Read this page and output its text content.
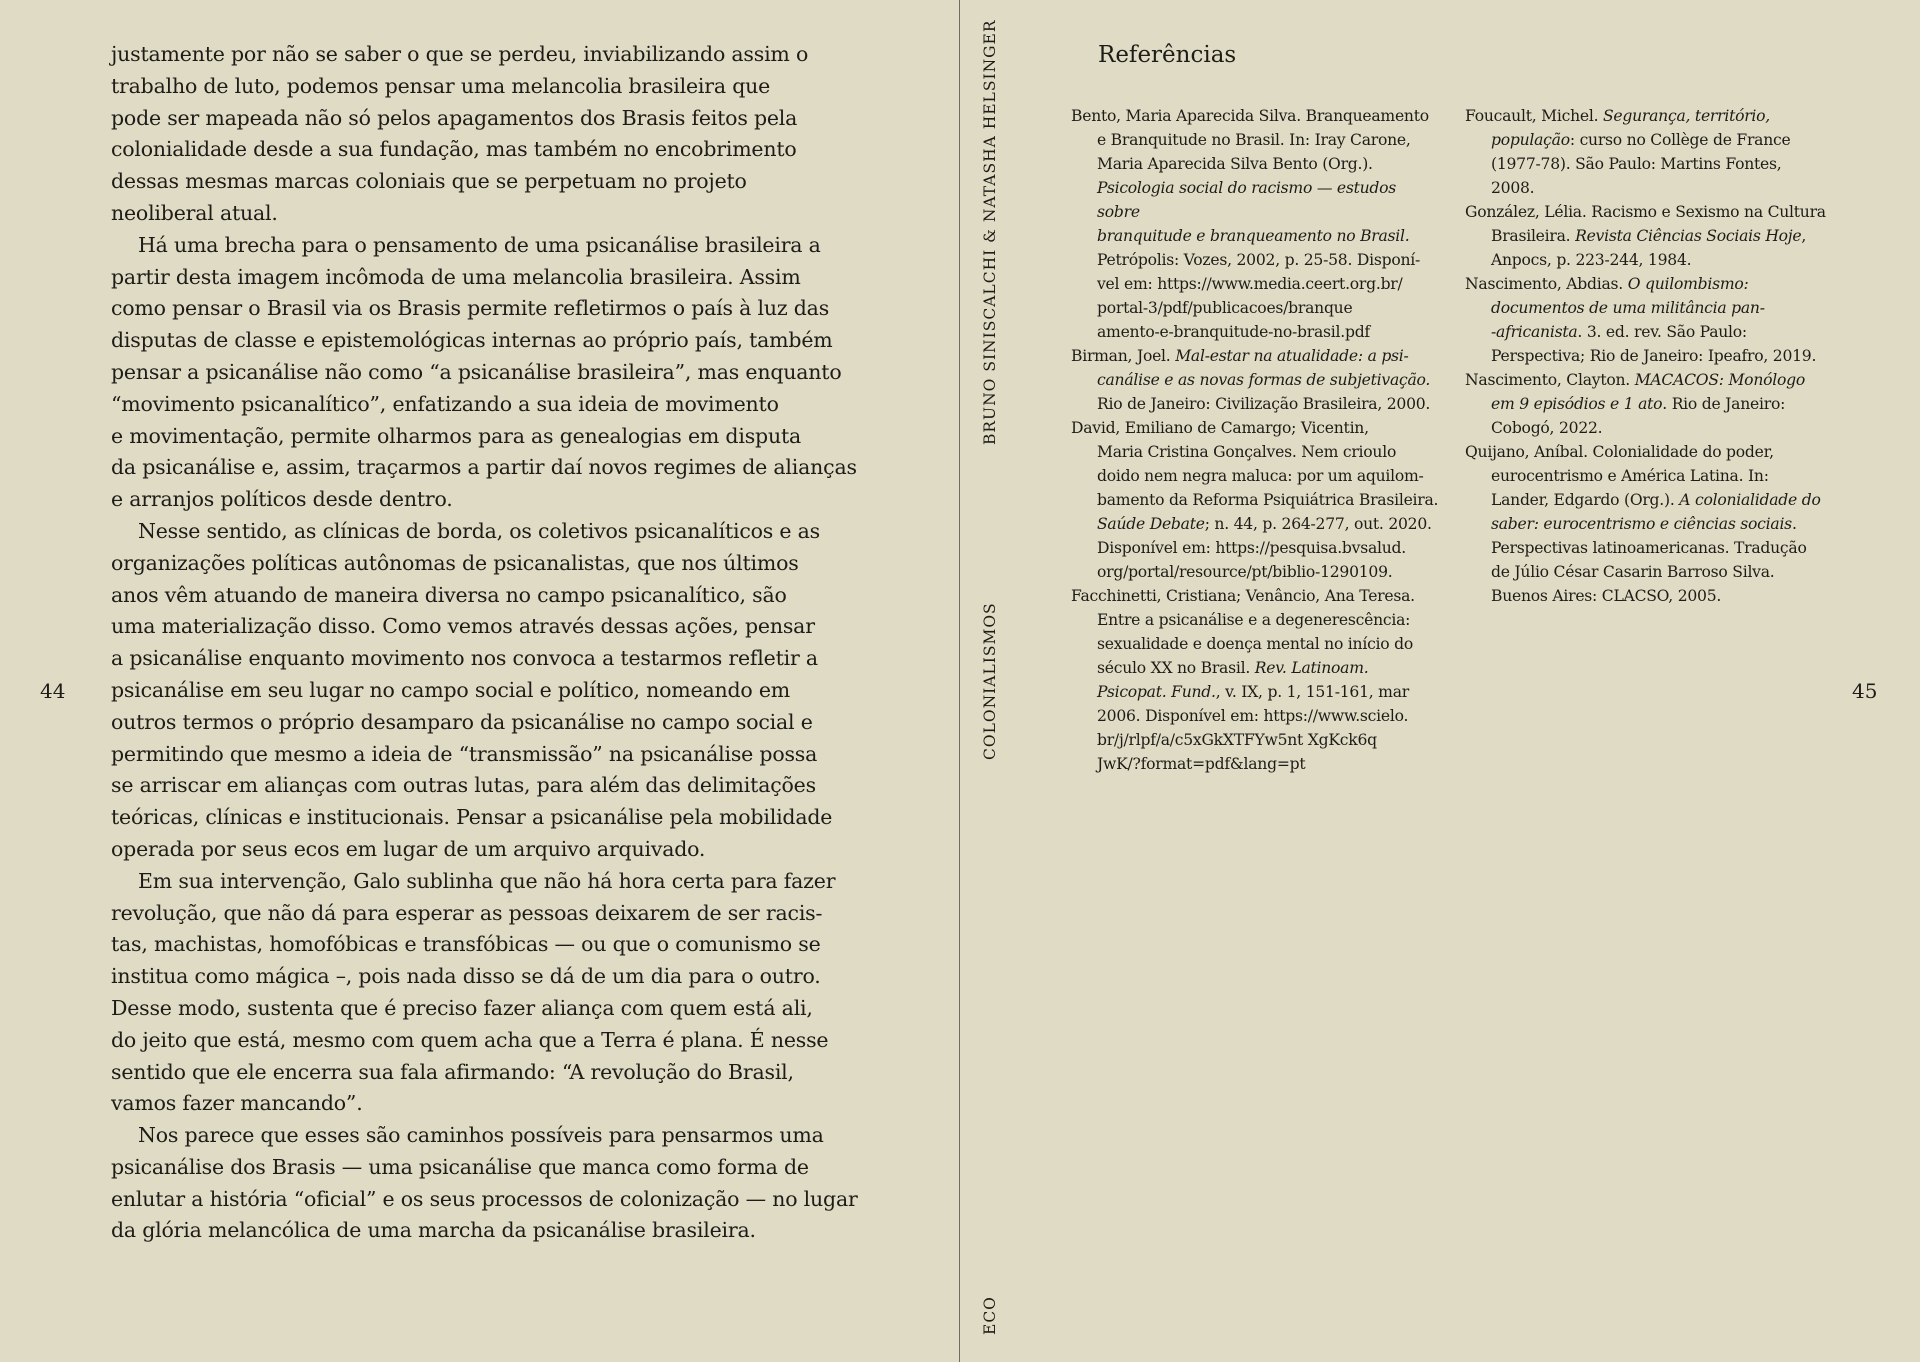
44

justamente por não se saber o que se perdeu, inviabilizando assim o
trabalho de luto, podemos pensar uma melancolia brasileira que
pode ser mapeada não só pelos apagamentos dos Brasis feitos pela
colonialidade desde a sua fundação, mas também no encobrimento
dessas mesmas marcas coloniais que se perpetuam no projeto
neoliberal atual.

Há uma brecha para o pensamento de uma psicanálise brasileira a
partir desta imagem incômoda de uma melancolia brasileira. Assim
como pensar o Brasil via os Brasis permite refletirmos o país à luz das
disputas de classe e epistemológicas internas ao próprio país, também
pensar a psicanálise não como “a psicanálise brasileira”, mas enquanto
“movimento psicanalítico”, enfatizando a sua ideia de movimento
e movimentação, permite olharmos para as genealogias em disputa
da psicanálise e, assim, traçarmos a partir daí novos regimes de alianças
e arranjos políticos desde dentro.

Nesse sentido, as clínicas de borda, os coletivos psicanalíticos e as
organizações políticas autônomas de psicanalistas, que nos últimos
anos vêm atuando de maneira diversa no campo psicanalítico, são
uma materialização disso. Como vemos através dessas ações, pensar
a psicanálise enquanto movimento nos convoca a testarmos refletir a
psicanálise em seu lugar no campo social e político, nomeando em
outros termos o próprio desamparo da psicanálise no campo social e
permitindo que mesmo a ideia de “transmissão” na psicanálise possa
se arriscar em alianças com outras lutas, para além das delimitações
teóricas, clínicas e institucionais. Pensar a psicanálise pela mobilidade
operada por seus ecos em lugar de um arquivo arquivado.

Em sua intervenção, Galo sublinha que não há hora certa para fazer
revolução, que não dá para esperar as pessoas deixarem de ser racis-
tas, machistas, homofóbicas e transfóbicas — ou que o comunismo se
institua como mágica –, pois nada disso se dá de um dia para o outro.
Desse modo, sustenta que é preciso fazer aliança com quem está ali,
do jeito que está, mesmo com quem acha que a Terra é plana. É nesse
sentido que ele encerra sua fala afirmando: “A revolução do Brasil,
vamos fazer mancando”.

Nos parece que esses são caminhos possíveis para pensarmos uma
psicanálise dos Brasis — uma psicanálise que manca como forma de
enlutar a história “oficial” e os seus processos de colonização — no lugar
da glória melancólica de uma marcha da psicanálise brasileira.

BRUNO SINISCALCHI & NATASHA HELSINGER
COLONIALISMOS
ECO
Referências

Bento, Maria Aparecida Silva. Branqueamento
e Branquitude no Brasil. In: Iray Carone,
Maria Aparecida Silva Bento (Org.).
Psicologia social do racismo — estudos sobre
branquitude e branqueamento no Brasil.
Petrópolis: Vozes, 2002, p. 25-58. Disponí-
vel em: https://www.media.ceert.org.br/
portal-3/pdf/publicacoes/branque
amento-e-branquitude-no-brasil.pdf

Birman, Joel. Mal-estar na atualidade: a psi-
canálise e as novas formas de subjetivação.
Rio de Janeiro: Civilização Brasileira, 2000.

David, Emiliano de Camargo; Vicentin,
Maria Cristina Gonçalves. Nem crioulo
doido nem negra maluca: por um aquilom-
bamento da Reforma Psiquiátrica Brasileira.
Saúde Debate; n. 44, p. 264-277, out. 2020.
Disponível em: https://pesquisa.bvsalud.
org/portal/resource/pt/biblio-1290109.

Facchinetti, Cristiana; Venâncio, Ana Teresa.
Entre a psicanálise e a degenerescência:
sexualidade e doença mental no início do
século XX no Brasil. Rev. Latinoam.
Psicopat. Fund., v. IX, p. 1, 151-161, mar
2006. Disponível em: https://www.scielo.
br/j/rlpf/a/c5xGkXTFYw5nt XgKck6q
JwK/?format=pdf&lang=pt

Foucault, Michel. Segurança, território,
população: curso no Collège de France
(1977-78). São Paulo: Martins Fontes,
2008.

González, Lélia. Racismo e Sexismo na Cultura
Brasileira. Revista Ciências Sociais Hoje,
Anpocs, p. 223-244, 1984.

Nascimento, Abdias. O quilombismo:
documentos de uma militância pan-
-africanista. 3. ed. rev. São Paulo:
Perspectiva; Rio de Janeiro: Ipeafro, 2019.

Nascimento, Clayton. MACACOS: Monólogo
em 9 episódios e 1 ato. Rio de Janeiro:
Cobogó, 2022.

Quijano, Aníbal. Colonialidade do poder,
eurocentrismo e América Latina. In:
Lander, Edgardo (Org.). A colonialidade do
saber: eurocentrismo e ciências sociais.
Perspectivas latinoamericanas. Tradução
de Júlio César Casarin Barroso Silva.
Buenos Aires: CLACSO, 2005.

45
